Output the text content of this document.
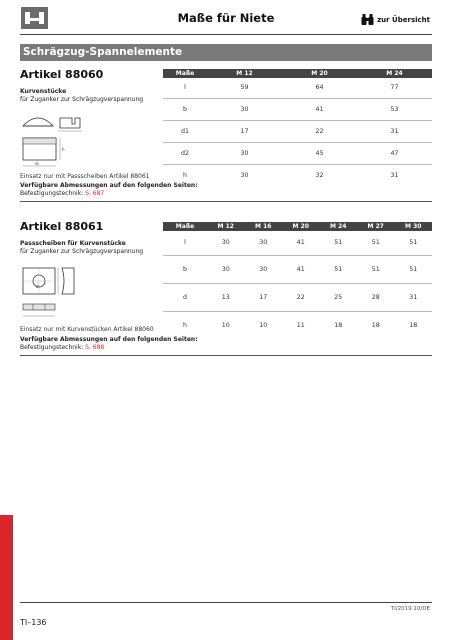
Maße für Niete	zur Übersicht
Schrägzug-Spannelemente
Artikel 88060
Kurvenstücke
für Zuganker zur Schrägzugverspannung
d₁
h
Einsatz nur mit Passscheiben Artikel 88061
Verfügbare Abmessungen auf den folgenden Seiten:
Befestigungstechnik: S. 687
Maße	M 12	M 20	M 24
l	59	64	77
b	30	41	53
d1	17	22	31
d2	30	45	47
h	30	32	31
Artikel 88061
Passscheiben für Kurvenstücke
für Zuganker zur Schrägzugverspannung
d
Einsatz nur mit Kurvenstücken Artikel 88060
Verfügbare Abmessungen auf den folgenden Seiten:
Befestigungstechnik: S. 688
Maße	M 12	M 16	M 20	M 24	M 27	M 30
l	30	30	41	51	51	51
b	30	30	41	51	51	51
d	13	17	22	25	28	31
h	10	10	11	18	18	18
TI/2019.10/DE
TI–136
